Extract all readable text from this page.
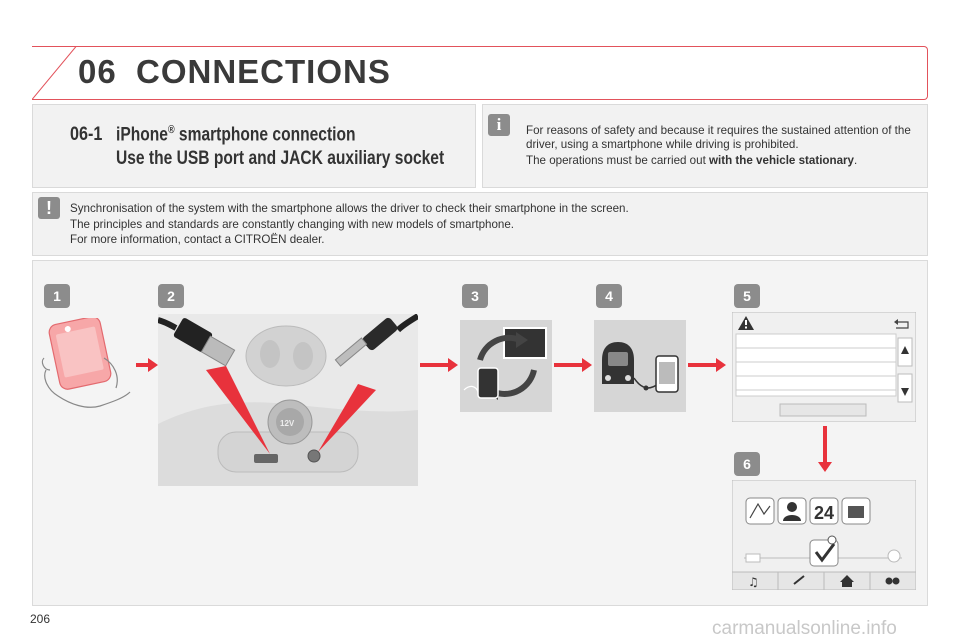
06 CONNECTIONS
06-1 iPhone® smartphone connection
Use the USB port and JACK auxiliary socket
i	For reasons of safety and because it requires the sustained attention of the driver, using a smartphone while driving is prohibited.

The operations must be carried out with the vehicle stationary.

!	Synchronisation of the system with the smartphone allows the driver to check their smartphone in the screen.

The principles and standards are constantly changing with new models of smartphone.

For more information, contact a CITROËN dealer.

1	2	3	4	5
6
12V
24
♫
206	carmanualsonline.info
